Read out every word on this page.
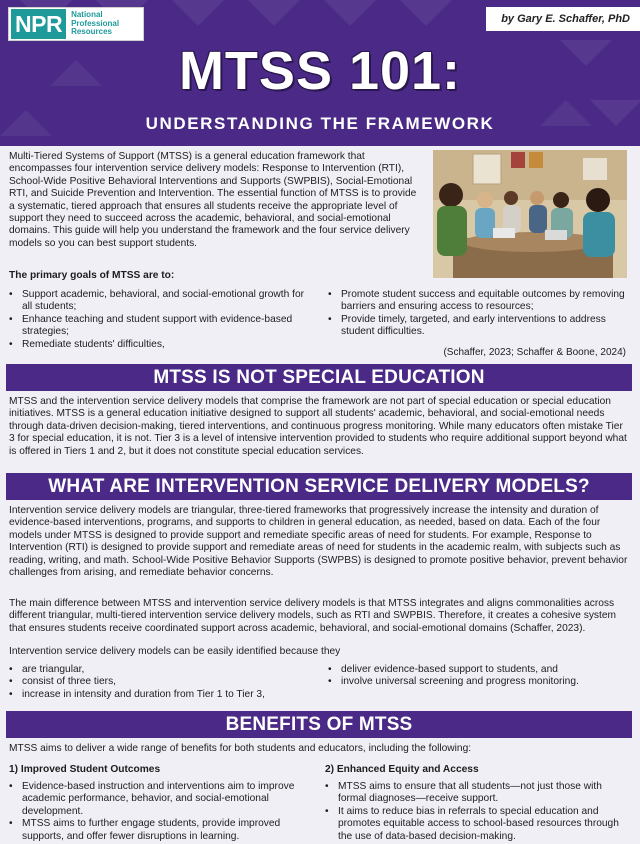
NPR	National
Professional
Resources
by Gary E. Schaffer, PhD
MTSS 101:
UNDERSTANDING THE FRAMEWORK
Multi-Tiered Systems of Support (MTSS) is a general education framework that
encompasses four intervention service delivery models: Response to Intervention (RTI),
School-Wide Positive Behavioral Interventions and Supports (SWPBIS), Social-Emotional
RTI, and Suicide Prevention and Intervention. The essential function of MTSS is to provide
a systematic, tiered approach that ensures all students receive the appropriate level of
support they need to succeed across the academic, behavioral, and social-emotional
domains. This guide will help you understand the framework and the four service delivery
models so you can best support students.
The primary goals of MTSS are to:
• Support academic, behavioral, and social-emotional growth for
all students;
• Enhance teaching and student support with evidence-based
strategies;
• Remediate students' difficulties,
• Promote student success and equitable outcomes by removing
barriers and ensuring access to resources;
• Provide timely, targeted, and early interventions to address
student difficulties.
(Schaffer, 2023; Schaffer & Boone, 2024)
MTSS IS NOT SPECIAL EDUCATION
MTSS and the intervention service delivery models that comprise the framework are not part of special education or special education
initiatives. MTSS is a general education initiative designed to support all students' academic, behavioral, and social-emotional needs
through data-driven decision-making, tiered interventions, and continuous progress monitoring. While many educators often mistake Tier
3 for special education, it is not. Tier 3 is a level of intensive intervention provided to students who require additional support beyond what
is offered in Tiers 1 and 2, but it does not constitute special education services.
WHAT ARE INTERVENTION SERVICE DELIVERY MODELS?
Intervention service delivery models are triangular, three-tiered frameworks that progressively increase the intensity and duration of
evidence-based interventions, programs, and supports to children in general education, as needed, based on data. Each of the four
models under MTSS is designed to provide support and remediate specific areas of need for students. For example, Response to
Intervention (RTI) is designed to provide support and remediate areas of need for students in the academic realm, with subjects such as
reading, writing, and math. School-Wide Positive Behavior Supports (SWPBS) is designed to promote positive behavior, prevent behavior
challenges from arising, and remediate behavior concerns.
The main difference between MTSS and intervention service delivery models is that MTSS integrates and aligns commonalities across
different triangular, multi-tiered intervention service delivery models, such as RTI and SWPBIS. Therefore, it creates a cohesive system
that ensures students receive coordinated support across academic, behavioral, and social-emotional domains (Schaffer, 2023).
Intervention service delivery models can be easily identified because they
• are triangular,
• consist of three tiers,
• increase in intensity and duration from Tier 1 to Tier 3,
• deliver evidence-based support to students, and
• involve universal screening and progress monitoring.
BENEFITS OF MTSS
MTSS aims to deliver a wide range of benefits for both students and educators, including the following:
1) Improved Student Outcomes
• Evidence-based instruction and interventions aim to improve
academic performance, behavior, and social-emotional
development.
• MTSS aims to further engage students, provide improved
supports, and offer fewer disruptions in learning.
2) Enhanced Equity and Access
• MTSS aims to ensure that all students—not just those with
formal diagnoses—receive support.
• It aims to reduce bias in referrals to special education and
promotes equitable access to school-based resources through
the use of data-based decision-making.
